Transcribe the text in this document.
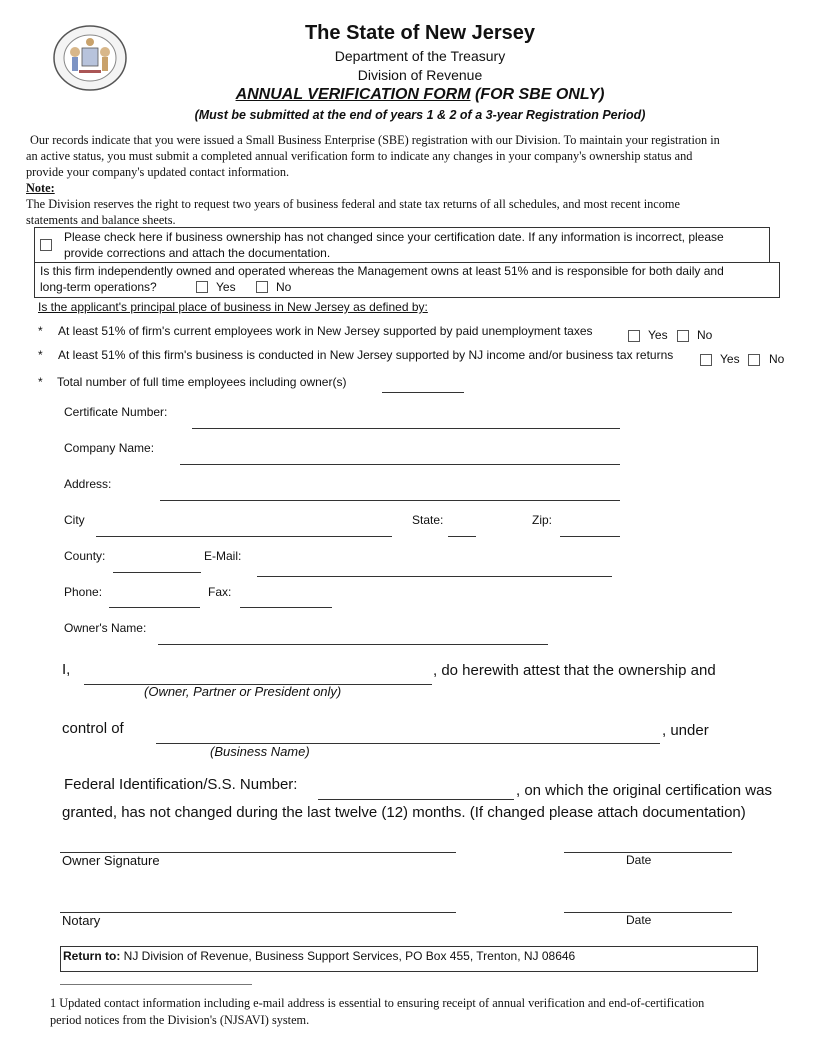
The State of New Jersey
Department of the Treasury
Division of Revenue
ANNUAL VERIFICATION FORM (FOR SBE ONLY)
(Must be submitted at the end of years 1 & 2 of a 3-year Registration Period)
Our records indicate that you were issued a Small Business Enterprise (SBE) registration with our Division. To maintain your registration in
an active status, you must submit a completed annual verification form to indicate any changes in your company's ownership status and
provide your company's updated contact information.
Note:
The Division reserves the right to request two years of business federal and state tax returns of all schedules, and most recent income
statements and balance sheets.
Please check here if business ownership has not changed since your certification date. If any information is incorrect, please
provide corrections and attach the documentation.
Is this firm independently owned and operated whereas the Management owns at least 51% and is responsible for both daily and
long-term operations?	Yes	No
Is the applicant's principal place of business in New Jersey as defined by:
* At least 51% of firm's current employees work in New Jersey supported by paid unemployment taxes	Yes No
* At least 51% of this firm's business is conducted in New Jersey supported by NJ income and/or business tax returns	Yes No
* Total number of full time employees including owner(s)
Certificate Number:
Company Name:
Address:
City	State:	Zip:
County:	E-Mail:
Phone:	Fax:
Owner's Name:
I,	, do herewith attest that the ownership and
(Owner, Partner or President only)
control of	, under
(Business Name)
Federal Identification/S.S. Number:	, on which the original certification was
granted, has not changed during the last twelve (12) months. (If changed please attach documentation)
Owner Signature	Date
Notary	Date
Return to: NJ Division of Revenue, Business Support Services, PO Box 455, Trenton, NJ 08646
1 Updated contact information including e-mail address is essential to ensuring receipt of annual verification and end-of-certification
period notices from the Division's (NJSAVI) system.
